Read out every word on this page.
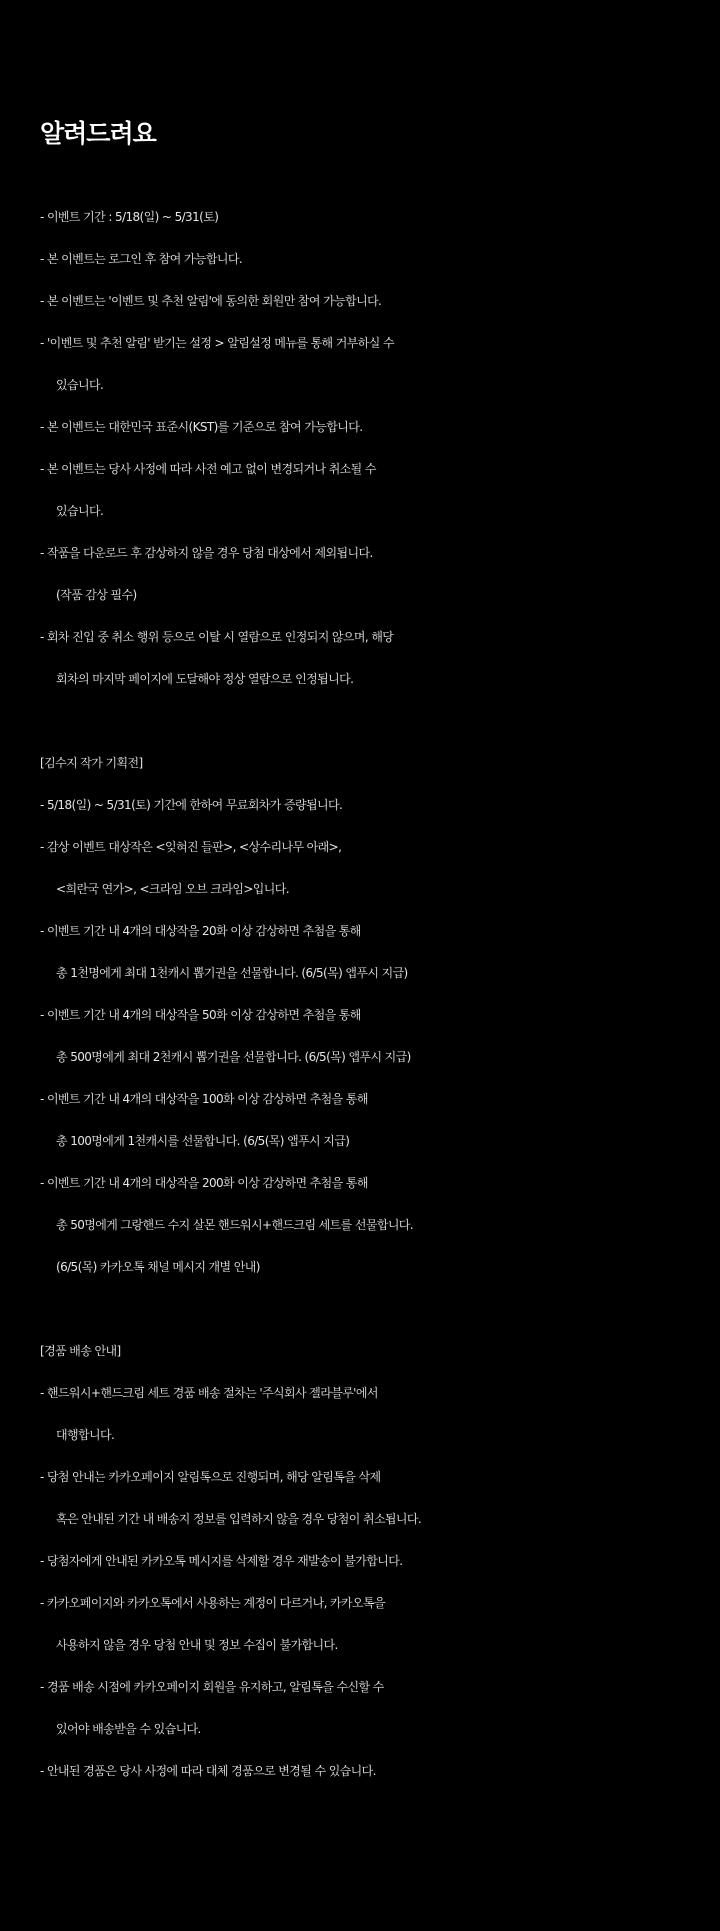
알려드려요
- 이벤트 기간 : 5/18(일) ~ 5/31(토)
- 본 이벤트는 로그인 후 참여 가능합니다.
- 본 이벤트는 '이벤트 및 추천 알림'에 동의한 회원만 참여 가능합니다.
- '이벤트 및 추천 알림' 받기는 설정 > 알림설정 메뉴를 통해 거부하실 수
있습니다.
- 본 이벤트는 대한민국 표준시(KST)를 기준으로 참여 가능합니다.
- 본 이벤트는 당사 사정에 따라 사전 예고 없이 변경되거나 취소될 수
있습니다.
- 작품을 다운로드 후 감상하지 않을 경우 당첨 대상에서 제외됩니다.
(작품 감상 필수)
- 회차 진입 중 취소 행위 등으로 이탈 시 열람으로 인정되지 않으며, 해당
회차의 마지막 페이지에 도달해야 정상 열람으로 인정됩니다.
[김수지 작가 기획전]
- 5/18(일) ~ 5/31(토) 기간에 한하여 무료회차가 증량됩니다.
- 감상 이벤트 대상작은 <잊혀진 들판>, <상수리나무 아래>,
<희란국 연가>, <크라임 오브 크라임>입니다.
- 이벤트 기간 내 4개의 대상작을 20화 이상 감상하면 추첨을 통해
총 1천명에게 최대 1천캐시 뽑기권을 선물합니다. (6/5(목) 앱푸시 지급)
- 이벤트 기간 내 4개의 대상작을 50화 이상 감상하면 추첨을 통해
총 500명에게 최대 2천캐시 뽑기권을 선물합니다. (6/5(목) 앱푸시 지급)
- 이벤트 기간 내 4개의 대상작을 100화 이상 감상하면 추첨을 통해
총 100명에게 1천캐시를 선물합니다. (6/5(목) 앱푸시 지급)
- 이벤트 기간 내 4개의 대상작을 200화 이상 감상하면 추첨을 통해
총 50명에게 그랑핸드 수지 살몬 핸드워시+핸드크림 세트를 선물합니다.
(6/5(목) 카카오톡 채널 메시지 개별 안내)
[경품 배송 안내]
- 핸드워시+핸드크림 세트 경품 배송 절차는 '주식회사 젤라블루'에서
대행합니다.
- 당첨 안내는 카카오페이지 알림톡으로 진행되며, 해당 알림톡을 삭제
혹은 안내된 기간 내 배송지 정보를 입력하지 않을 경우 당첨이 취소됩니다.
- 당첨자에게 안내된 카카오톡 메시지를 삭제할 경우 재발송이 불가합니다.
- 카카오페이지와 카카오톡에서 사용하는 계정이 다르거나, 카카오톡을
사용하지 않을 경우 당첨 안내 및 정보 수집이 불가합니다.
- 경품 배송 시점에 카카오페이지 회원을 유지하고, 알림톡을 수신할 수
있어야 배송받을 수 있습니다.
- 안내된 경품은 당사 사정에 따라 대체 경품으로 변경될 수 있습니다.
